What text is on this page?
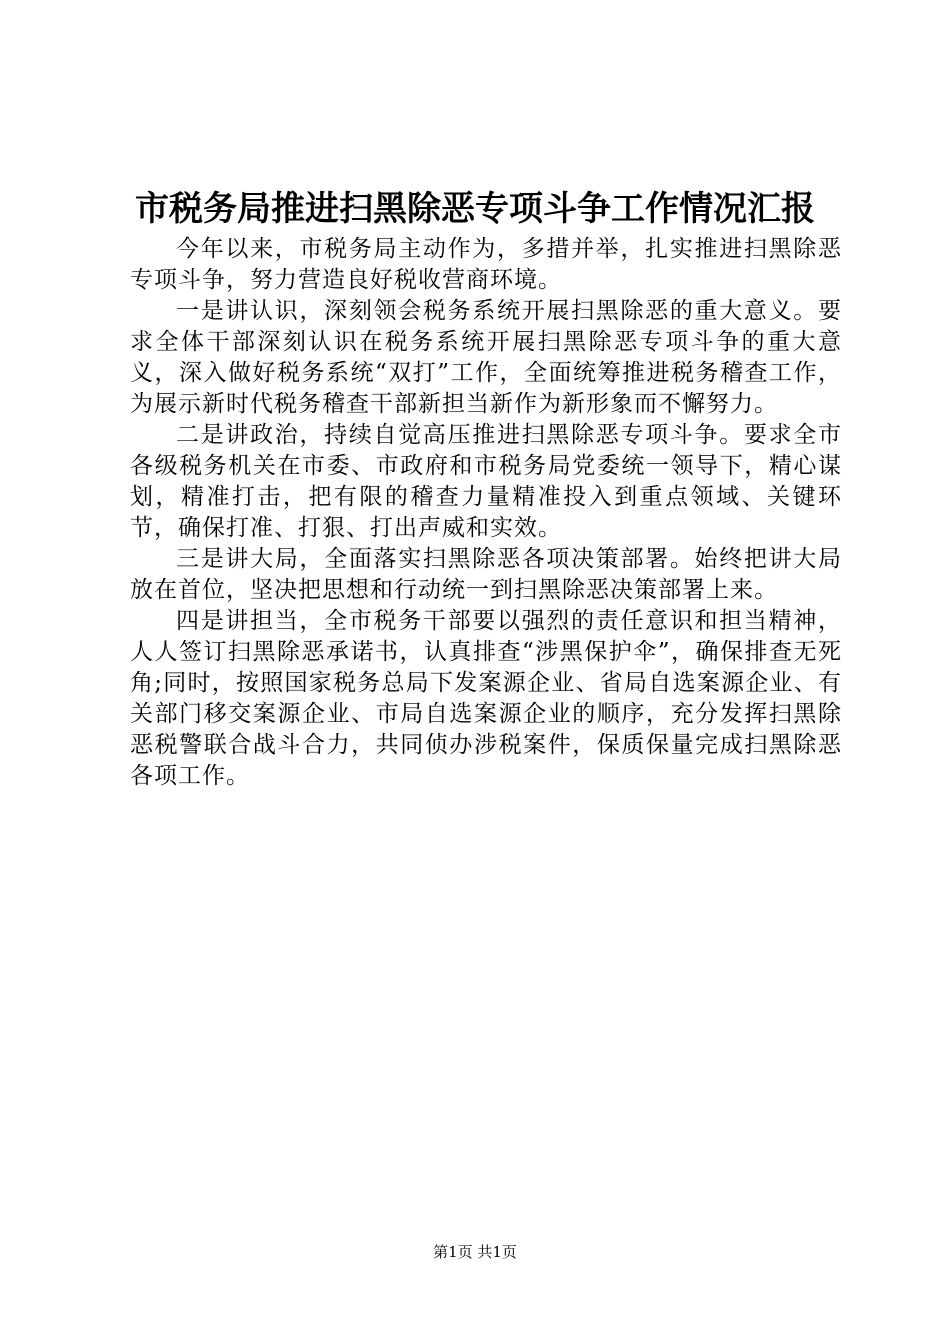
市税务局推进扫黑除恶专项斗争工作情况汇报

今年以来，市税务局主动作为，多措并举，扎实推进扫黑除恶专项斗争，努力营造良好税收营商环境。

一是讲认识，深刻领会税务系统开展扫黑除恶的重大意义。要求全体干部深刻认识在税务系统开展扫黑除恶专项斗争的重大意义，深入做好税务系统“双打”工作，全面统筹推进税务稽查工作，为展示新时代税务稽查干部新担当新作为新形象而不懈努力。

二是讲政治，持续自觉高压推进扫黑除恶专项斗争。要求全市各级税务机关在市委、市政府和市税务局党委统一领导下，精心谋划，精准打击，把有限的稽查力量精准投入到重点领域、关键环节，确保打准、打狠、打出声威和实效。

三是讲大局，全面落实扫黑除恶各项决策部署。始终把讲大局放在首位，坚决把思想和行动统一到扫黑除恶决策部署上来。

四是讲担当，全市税务干部要以强烈的责任意识和担当精神，人人签订扫黑除恶承诺书，认真排查“涉黑保护伞”，确保排查无死角;同时，按照国家税务总局下发案源企业、省局自选案源企业、有关部门移交案源企业、市局自选案源企业的顺序，充分发挥扫黑除恶税警联合战斗合力，共同侦办涉税案件，保质保量完成扫黑除恶各项工作。

第1页 共1页
